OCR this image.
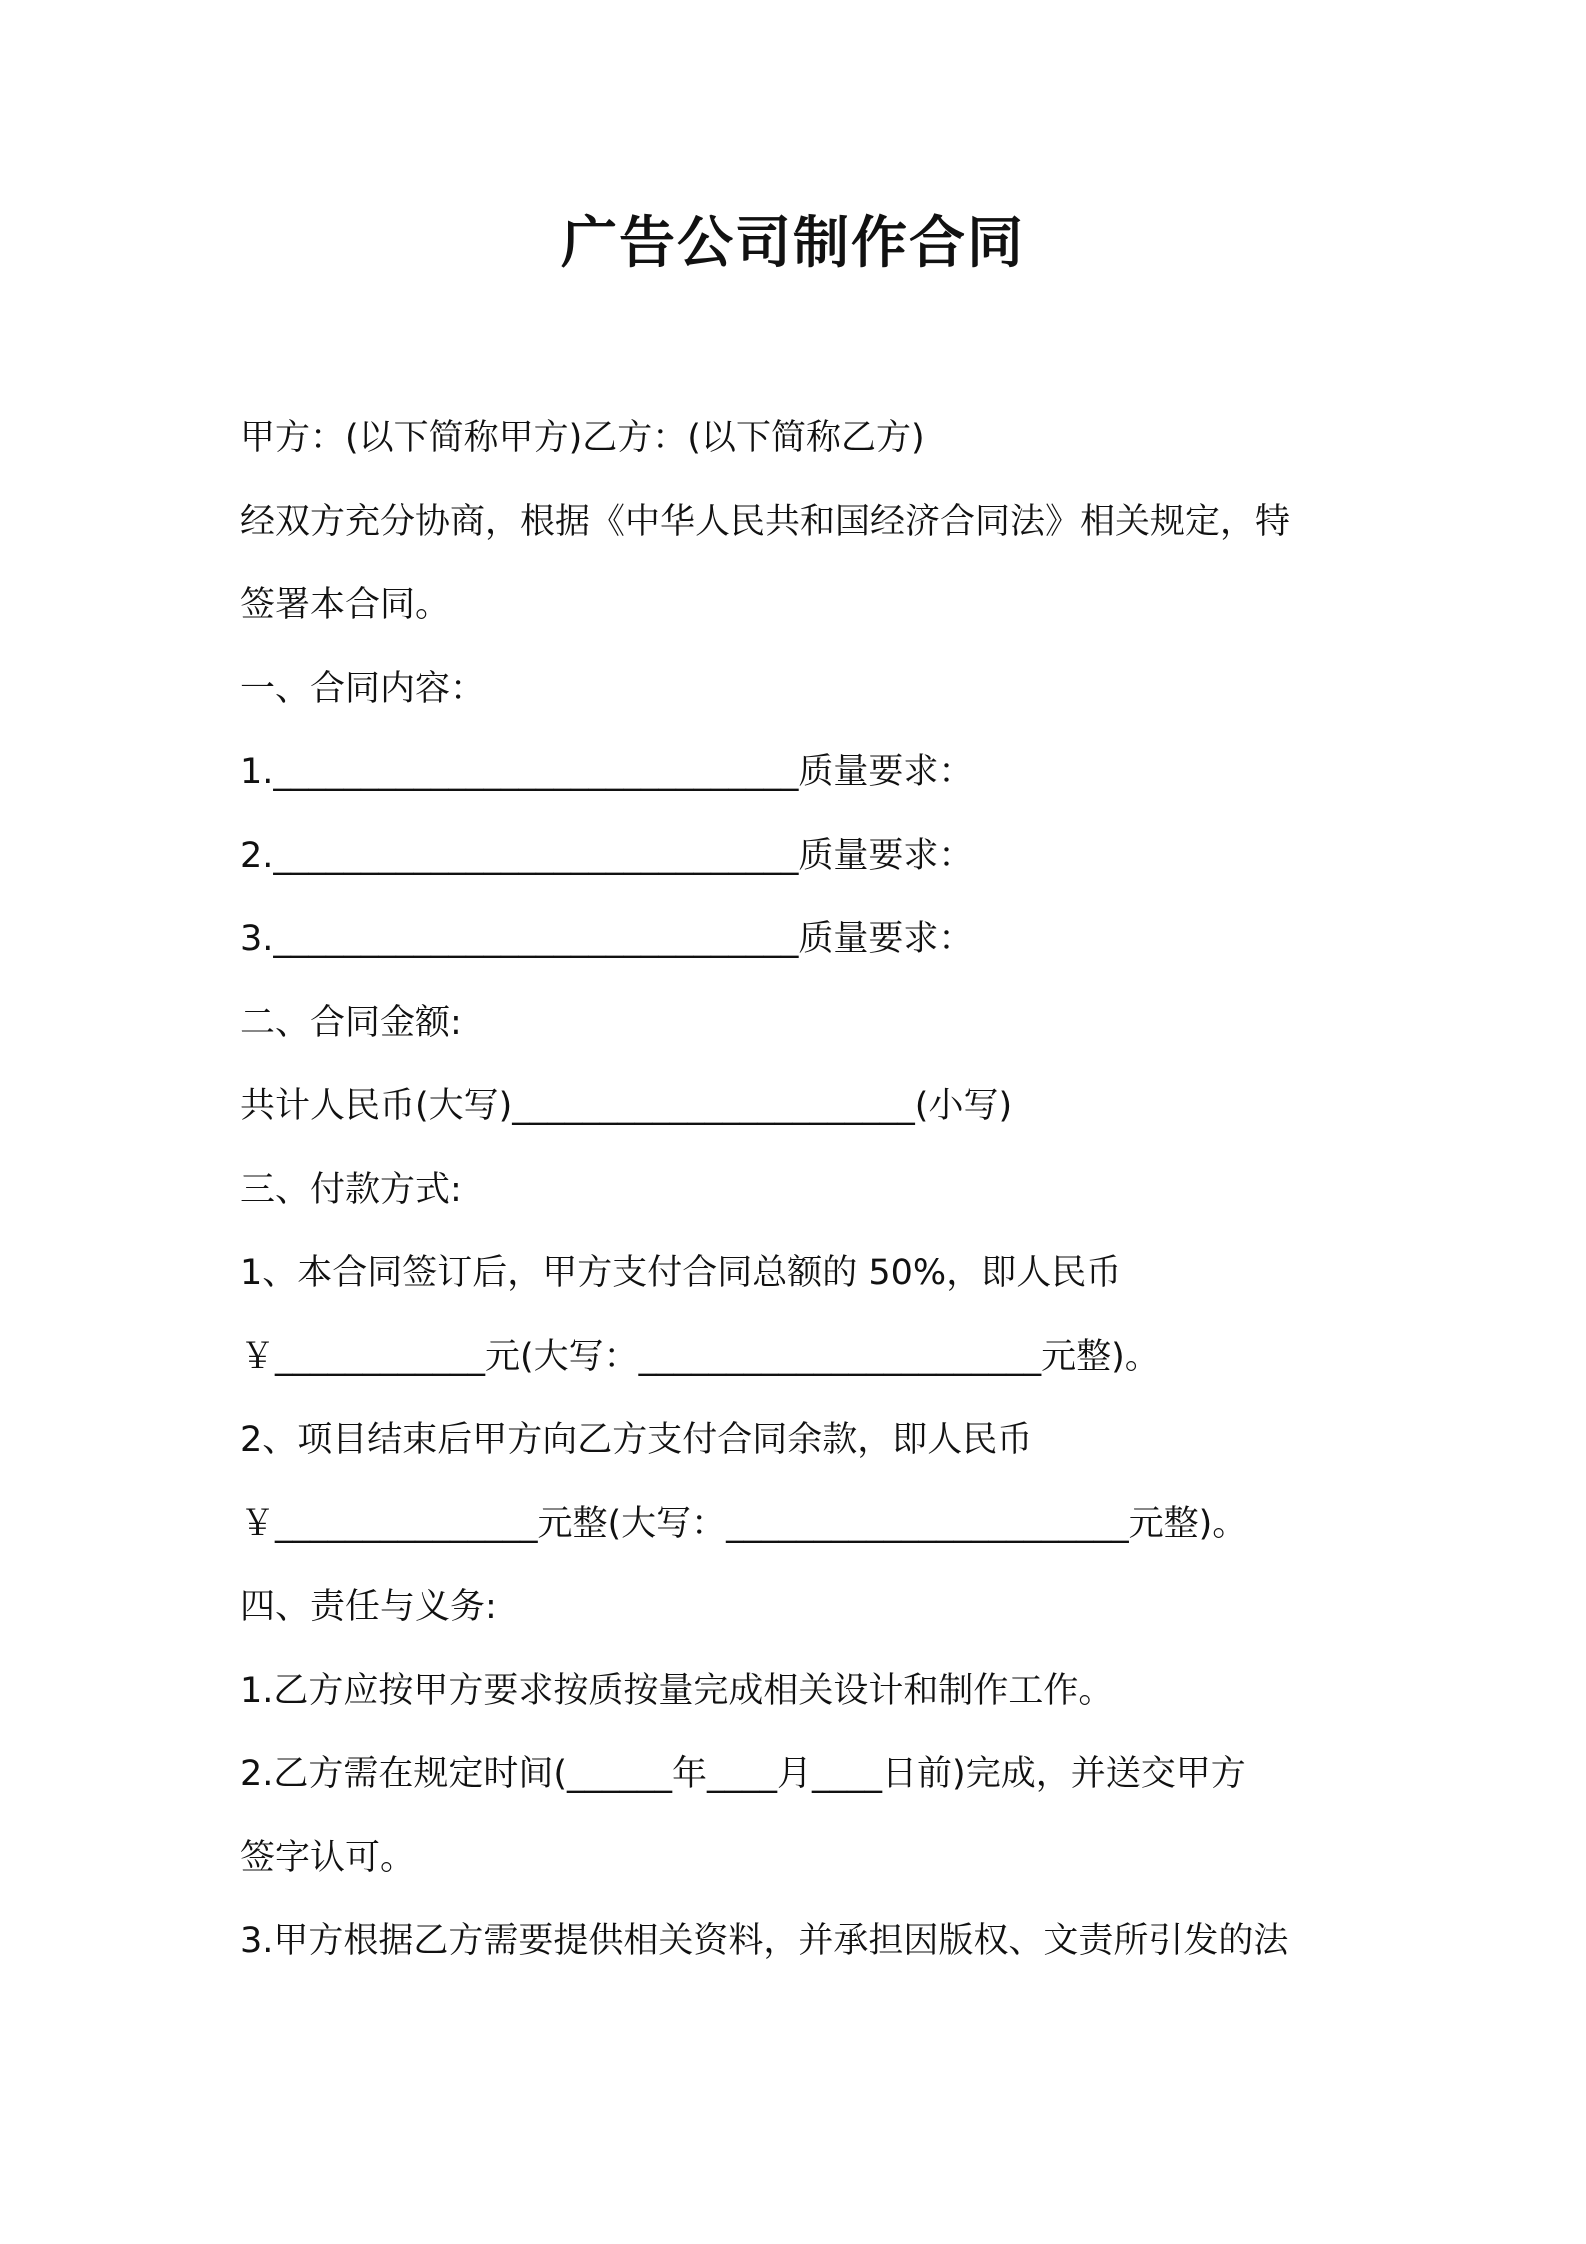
广告公司制作合同

甲方：(以下简称甲方)乙方：(以下简称乙方)

经双方充分协商，根据《中华人民共和国经济合同法》相关规定，特

签署本合同。

一、合同内容：

1.______________________________质量要求：

2.______________________________质量要求：

3.______________________________质量要求：

二、合同金额:

共计人民币(大写)_______________________(小写)

三、付款方式:

1、本合同签订后，甲方支付合同总额的 50%，即人民币

￥____________元(大写：_______________________元整)。

2、项目结束后甲方向乙方支付合同余款，即人民币

￥_______________元整(大写：_______________________元整)。

四、责任与义务:

1.乙方应按甲方要求按质按量完成相关设计和制作工作。

2.乙方需在规定时间(______年____月____日前)完成，并送交甲方

签字认可。

3.甲方根据乙方需要提供相关资料，并承担因版权、文责所引发的法
